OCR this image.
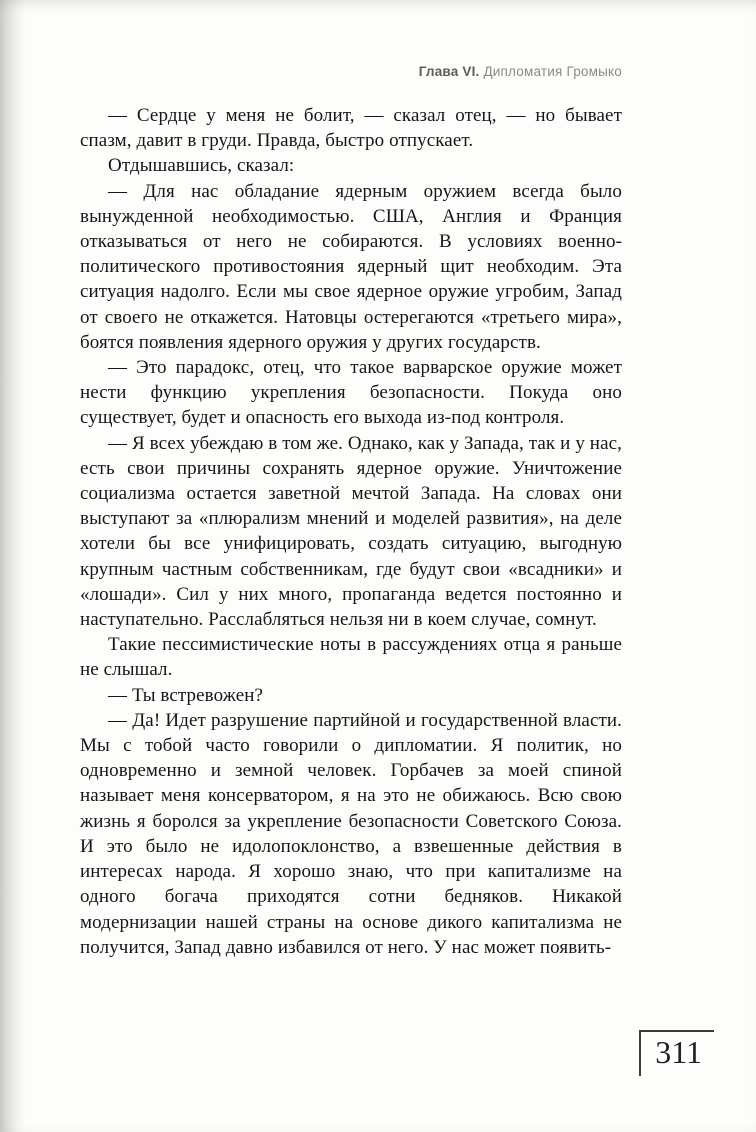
Глава VI. Дипломатия Громыко

— Сердце у меня не болит, — сказал отец, — но бывает спазм, давит в груди. Правда, быстро отпускает.

Отдышавшись, сказал:

— Для нас обладание ядерным оружием всегда было вынужденной необходимостью. США, Англия и Франция отказываться от него не собираются. В условиях военно-политического противостояния ядерный щит необходим. Эта ситуация надолго. Если мы свое ядерное оружие угробим, Запад от своего не откажется. Натовцы остерегаются «третьего мира», боятся появления ядерного оружия у других государств.

— Это парадокс, отец, что такое варварское оружие может нести функцию укрепления безопасности. Покуда оно существует, будет и опасность его выхода из-под контроля.

— Я всех убеждаю в том же. Однако, как у Запада, так и у нас, есть свои причины сохранять ядерное оружие. Уничтожение социализма остается заветной мечтой Запада. На словах они выступают за «плюрализм мнений и моделей развития», на деле хотели бы все унифицировать, создать ситуацию, выгодную крупным частным собственникам, где будут свои «всадники» и «лошади». Сил у них много, пропаганда ведется постоянно и наступательно. Расслабляться нельзя ни в коем случае, сомнут.

Такие пессимистические ноты в рассуждениях отца я раньше не слышал.

— Ты встревожен?

— Да! Идет разрушение партийной и государственной власти. Мы с тобой часто говорили о дипломатии. Я политик, но одновременно и земной человек. Горбачев за моей спиной называет меня консерватором, я на это не обижаюсь. Всю свою жизнь я боролся за укрепление безопасности Советского Союза. И это было не идолопоклонство, а взвешенные действия в интересах народа. Я хорошо знаю, что при капитализме на одного богача приходятся сотни бедняков. Никакой модернизации нашей страны на основе дикого капитализма не получится, Запад давно избавился от него. У нас может появить-

311
